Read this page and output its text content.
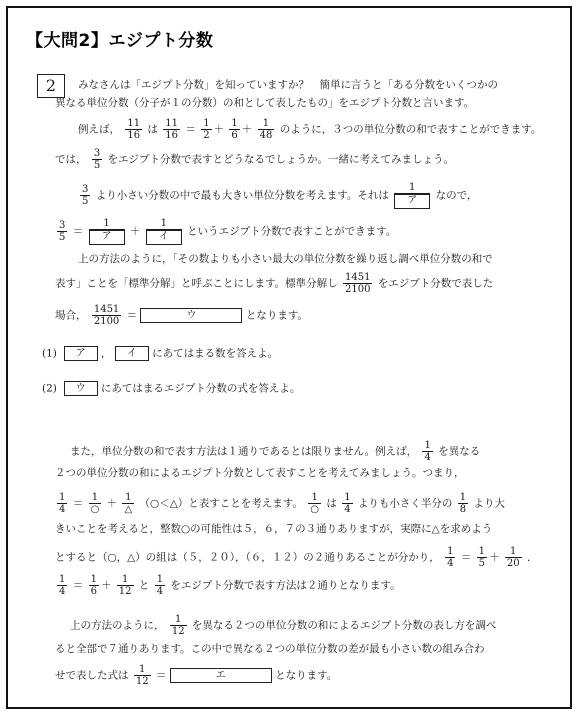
【大問2】エジプト分数
2	みなさんは「エジプト分数」を知っていますか？　簡単に言うと「ある分数をいくつかの
異なる単位分数（分子が１の分数）の和として表したもの」をエジプト分数と言います。
例えば， $\frac{11}{16}$ は $\frac{11}{16} = \frac{1}{2} + \frac{1}{6} + \frac{1}{48}$ のように，３つの単位分数の和で表すことができます。
では， $\frac{3}{5}$ をエジプト分数で表すとどうなるでしょうか。一緒に考えてみましょう。
$\frac{3}{5}$ より小さい分数の中で最も大きい単位分数を考えます。それは $\frac{1}{\text{ア}}$ なので，
$\frac{3}{5} = \frac{1}{\text{ア}} + \frac{1}{\text{イ}}$ というエジプト分数で表すことができます。
上の方法のように，「その数よりも小さい最大の単位分数を繰り返し調べ単位分数の和で
表す」ことを「標準分解」と呼ぶことにします。標準分解し $\frac{1451}{2100}$ をエジプト分数で表した
場合， $\frac{1451}{2100}$ ＝	ウ	となります。
(1) ア ， イ にあてはまる数を答えよ。
(2) ウ にあてはまるエジプト分数の式を答えよ。
また，単位分数の和で表す方法は１通りであるとは限りません。例えば， $\frac{1}{4}$ を異なる
２つの単位分数の和によるエジプト分数として表すことを考えてみましょう。つまり，
$\frac{1}{4} = \frac{1}{○} + \frac{1}{\triangle}$ （○＜△）と表すことを考えます。 $\frac{1}{○}$ は $\frac{1}{4}$ よりも小さく半分の $\frac{1}{8}$ より大
きいことを考えると，整数○の可能性は５，６，７の３通りありますが，実際に△を求めよう
とすると（○，△）の組は（５，２０），（６，１２）の２通りあることが分かり， $\frac{1}{4} = \frac{1}{5} + \frac{1}{20}$ ．
$\frac{1}{4} = \frac{1}{6} + \frac{1}{12}$ と $\frac{1}{4}$ をエジプト分数で表す方法は２通りとなります。
上の方法のように， $\frac{1}{12}$ を異なる２つの単位分数の和によるエジプト分数の表し方を調べ
ると全部で７通りあります。この中で異なる２つの単位分数の差が最も小さい数の組み合わ
せで表した式は $\frac{1}{12}$ ＝	エ	となります。
